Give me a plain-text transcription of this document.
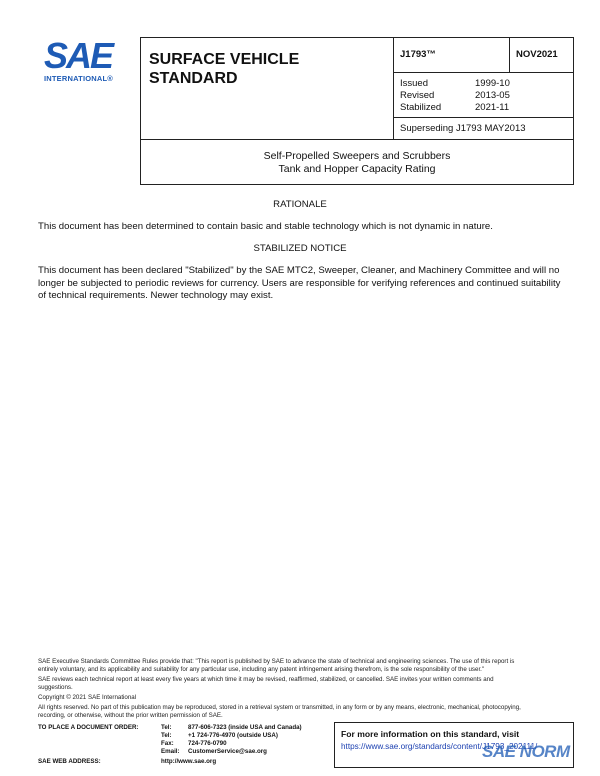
SAE
INTERNATIONAL®
SURFACE VEHICLE
STANDARD
J1793™	NOV2021
Issued	1999-10
Revised	2013-05
Stabilized	2021-11
Superseding J1793 MAY2013
Self-Propelled Sweepers and Scrubbers
Tank and Hopper Capacity Rating
RATIONALE
This document has been determined to contain basic and stable technology which is not dynamic in nature.
STABILIZED NOTICE
This document has been declared "Stabilized" by the SAE MTC2, Sweeper, Cleaner, and Machinery Committee and will no
longer be subjected to periodic reviews for currency. Users are responsible for verifying references and continued suitability
of technical requirements. Newer technology may exist.
SAE Executive Standards Committee Rules provide that: "This report is published by SAE to advance the state of technical and engineering sciences. The use of this report is
entirely voluntary, and its applicability and suitability for any particular use, including any patent infringement arising therefrom, is the sole responsibility of the user."
SAE reviews each technical report at least every five years at which time it may be revised, reaffirmed, stabilized, or cancelled. SAE invites your written comments and
suggestions.
Copyright © 2021 SAE International
All rights reserved. No part of this publication may be reproduced, stored in a retrieval system or transmitted, in any form or by any means, electronic, mechanical, photocopying,
recording, or otherwise, without the prior written permission of SAE.
TO PLACE A DOCUMENT ORDER:	Tel:	877-606-7323 (inside USA and Canada)
Tel:	+1 724-776-4970 (outside USA)
Fax: 724-776-0790
Email: CustomerService@sae.org
SAE WEB ADDRESS:	http://www.sae.org
For more information on this standard, visit
https://www.sae.org/standards/content/J1793_202111/
SAE NORM
